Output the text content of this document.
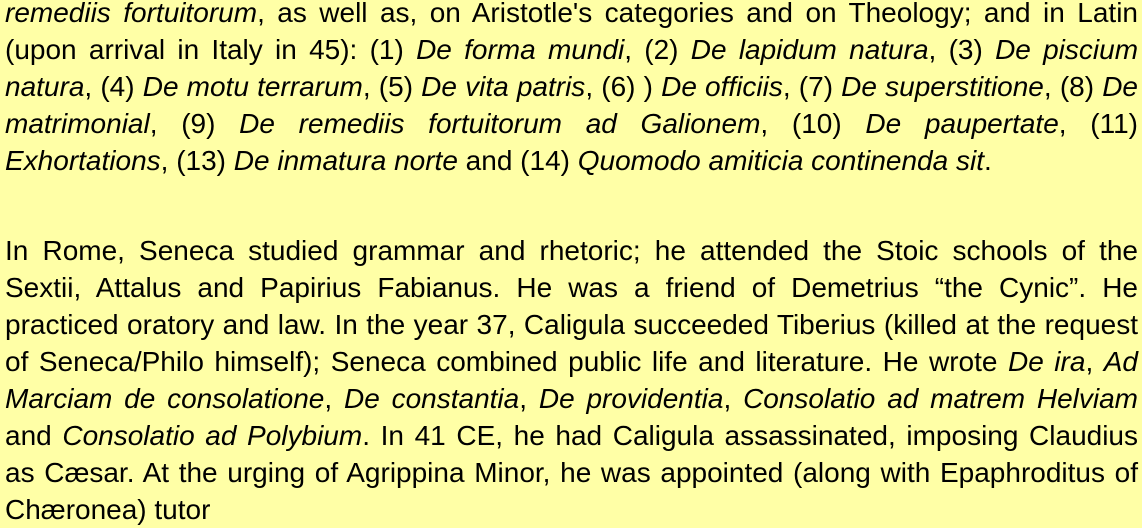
remediis fortuitorum, as well as, on Aristotle's categories and on Theology; and in Latin (upon arrival in Italy in 45): (1) De forma mundi, (2) De lapidum natura, (3) De piscium natura, (4) De motu terrarum, (5) De vita patris, (6) ) De officiis, (7) De superstitione, (8) De matrimonial, (9) De remediis fortuitorum ad Galionem, (10) De paupertate, (11) Exhortations, (13) De inmatura norte and (14) Quomodo amiticia continenda sit.

In Rome, Seneca studied grammar and rhetoric; he attended the Stoic schools of the Sextii, Attalus and Papirius Fabianus. He was a friend of Demetrius “the Cynic”. He practiced oratory and law. In the year 37, Caligula succeeded Tiberius (killed at the request of Seneca/Philo himself); Seneca combined public life and literature. He wrote De ira, Ad Marciam de consolatione, De constantia, De providentia, Consolatio ad matrem Helviam and Consolatio ad Polybium. In 41 CE, he had Caligula assassinated, imposing Claudius as Cæsar. At the urging of Agrippina Minor, he was appointed (along with Epaphroditus of Chæronea) tutor
